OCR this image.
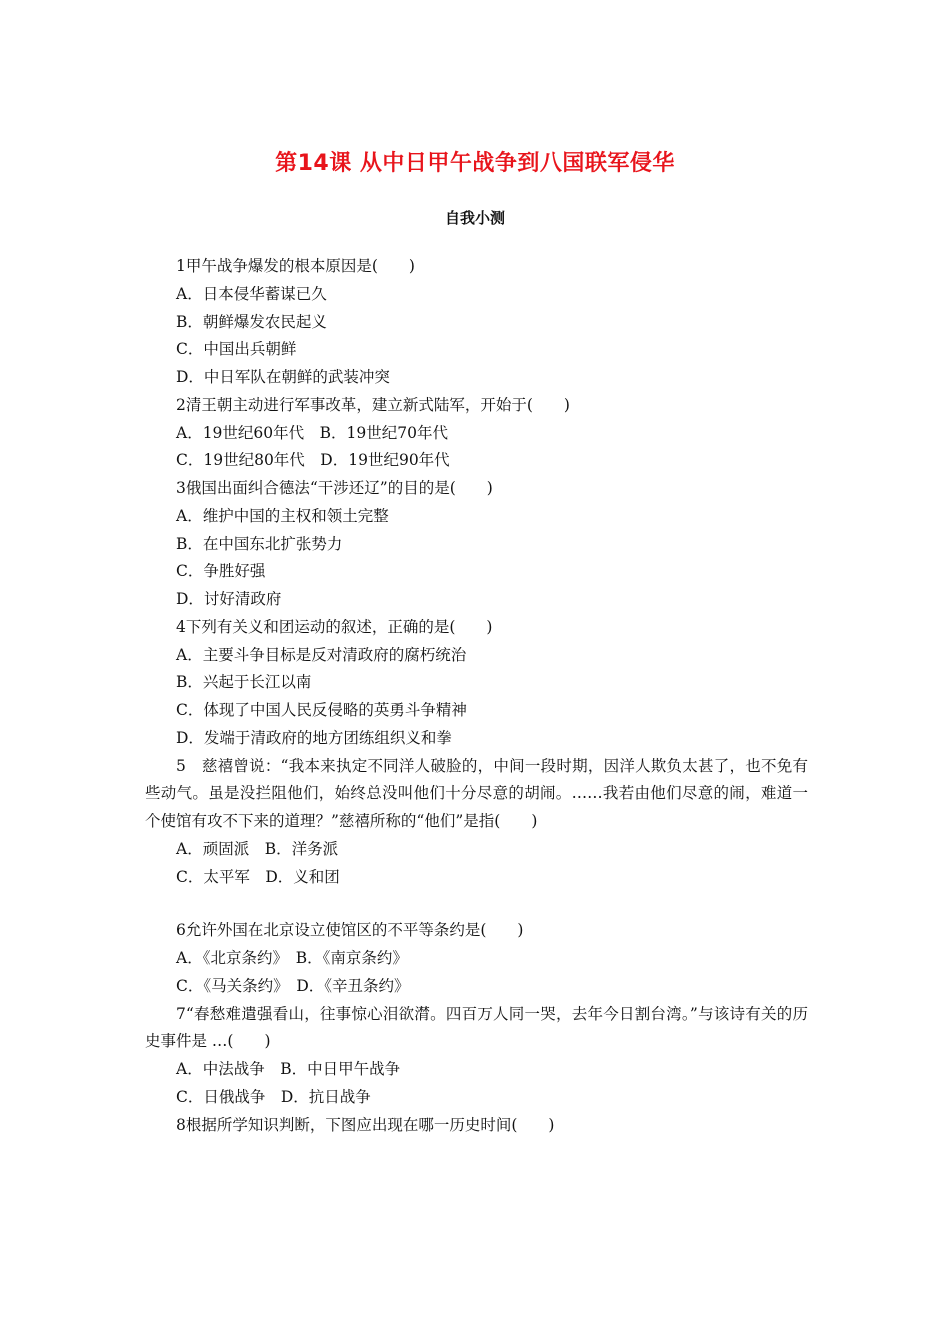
第14课 从中日甲午战争到八国联军侵华
自我小测
1甲午战争爆发的根本原因是(　　)
A．日本侵华蓄谋已久
B．朝鲜爆发农民起义
C．中国出兵朝鲜
D．中日军队在朝鲜的武装冲突
2清王朝主动进行军事改革，建立新式陆军，开始于(　　)
A．19世纪60年代　B．19世纪70年代
C．19世纪80年代　D．19世纪90年代
3俄国出面纠合德法“干涉还辽”的目的是(　　)
A．维护中国的主权和领土完整
B．在中国东北扩张势力
C．争胜好强
D．讨好清政府
4下列有关义和团运动的叙述，正确的是(　　)
A．主要斗争目标是反对清政府的腐朽统治
B．兴起于长江以南
C．体现了中国人民反侵略的英勇斗争精神
D．发端于清政府的地方团练组织义和拳
5　慈禧曾说：“我本来执定不同洋人破脸的，中间一段时期，因洋人欺负太甚了，也不免有些动气。虽是没拦阻他们，始终总没叫他们十分尽意的胡闹。……我若由他们尽意的闹，难道一个使馆有攻不下来的道理？”慈禧所称的“他们”是指(　　)
A．顽固派　B．洋务派
C．太平军　D．义和团
6允许外国在北京设立使馆区的不平等条约是(　　)
A．《北京条约》　B．《南京条约》
C．《马关条约》　D．《辛丑条约》
7“春愁难遣强看山，往事惊心泪欲潸。四百万人同一哭，去年今日割台湾。”与该诗有关的历史事件是 …(　　)
A．中法战争　B．中日甲午战争
C．日俄战争　D．抗日战争
8根据所学知识判断，下图应出现在哪一历史时间(　　)
